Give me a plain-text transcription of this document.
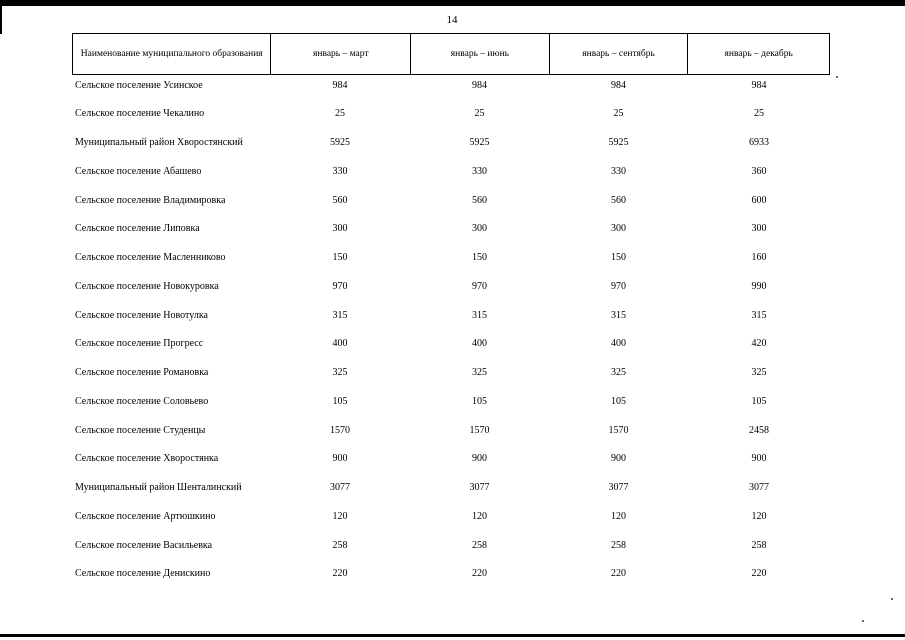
14
Наименование муниципального образования	январь – март	январь – июнь	январь – сентябрь	январь – декабрь
Сельское поселение Усинское	984	984	984	984
Сельское поселение Чекалино	25	25	25	25
Муниципальный район Хворостянский	5925	5925	5925	6933
Сельское поселение Абашево	330	330	330	360
Сельское поселение Владимировка	560	560	560	600
Сельское поселение Липовка	300	300	300	300
Сельское поселение Масленниково	150	150	150	160
Сельское поселение Новокуровка	970	970	970	990
Сельское поселение Новотулка	315	315	315	315
Сельское поселение Прогресс	400	400	400	420
Сельское поселение Романовка	325	325	325	325
Сельское поселение Соловьево	105	105	105	105
Сельское поселение Студенцы	1570	1570	1570	2458
Сельское поселение Хворостянка	900	900	900	900
Муниципальный район Шенталинский	3077	3077	3077	3077
Сельское поселение Артюшкино	120	120	120	120
Сельское поселение Васильевка	258	258	258	258
Сельское поселение Денискино	220	220	220	220
